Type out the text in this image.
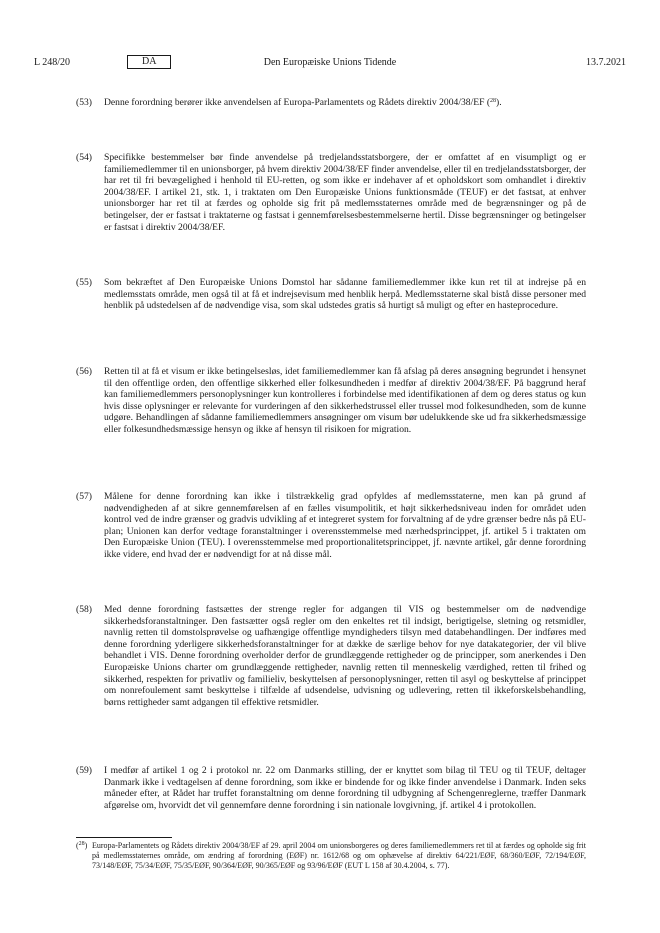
L 248/20	Den Europæiske Unions Tidende
DA	13.7.2021
(53) Denne forordning berører ikke anvendelsen af Europa-Parlamentets og Rådets direktiv 2004/38/EF ($^{28}$).
(54) Specifikke bestemmelser bør finde anvendelse på tredjelandsstatsborgere, der er omfattet af en visumpligt og er familiemedlemmer til en unionsborger, på hvem direktiv 2004/38/EF finder anvendelse, eller til en tredjelandsstatsborger, der har ret til fri bevægelighed i henhold til EU-retten, og som ikke er indehaver af et opholdskort som omhandlet i direktiv 2004/38/EF. I artikel 21, stk. 1, i traktaten om Den Europæiske Unions funktionsmåde (TEUF) er det fastsat, at enhver unionsborger har ret til at færdes og opholde sig frit på medlemsstaternes område med de begrænsninger og på de betingelser, der er fastsat i traktaterne og fastsat i gennemførelsesbestemmelserne hertil. Disse begrænsninger og betingelser er fastsat i direktiv 2004/38/EF.
(55) Som bekræftet af Den Europæiske Unions Domstol har sådanne familiemedlemmer ikke kun ret til at indrejse på en medlemsstats område, men også til at få et indrejsevisum med henblik herpå. Medlemsstaterne skal bistå disse personer med henblik på udstedelsen af de nødvendige visa, som skal udstedes gratis så hurtigt så muligt og efter en hasteprocedure.
(56) Retten til at få et visum er ikke betingelsesløs, idet familiemedlemmer kan få afslag på deres ansøgning begrundet i hensynet til den offentlige orden, den offentlige sikkerhed eller folkesundheden i medfør af direktiv 2004/38/EF. På baggrund heraf kan familiemedlemmers personoplysninger kun kontrolleres i forbindelse med identifikationen af dem og deres status og kun hvis disse oplysninger er relevante for vurderingen af den sikkerhedstrussel eller trussel mod folkesundheden, som de kunne udgøre. Behandlingen af sådanne familiemedlemmers ansøgninger om visum bør udelukkende ske ud fra sikkerhedsmæssige eller folkesundhedsmæssige hensyn og ikke af hensyn til risikoen for migration.
(57) Målene for denne forordning kan ikke i tilstrækkelig grad opfyldes af medlemsstaterne, men kan på grund af nødvendigheden af at sikre gennemførelsen af en fælles visumpolitik, et højt sikkerhedsniveau inden for området uden kontrol ved de indre grænser og gradvis udvikling af et integreret system for forvaltning af de ydre grænser bedre nås på EU-plan; Unionen kan derfor vedtage foranstaltninger i overensstemmelse med nærhedsprincippet, jf. artikel 5 i traktaten om Den Europæiske Union (TEU). I overensstemmelse med proportionalitetsprincippet, jf. nævnte artikel, går denne forordning ikke videre, end hvad der er nødvendigt for at nå disse mål.
(58) Med denne forordning fastsættes der strenge regler for adgangen til VIS og bestemmelser om de nødvendige sikkerhedsforanstaltninger. Den fastsætter også regler om den enkeltes ret til indsigt, berigtigelse, sletning og retsmidler, navnlig retten til domstolsprøvelse og uafhængige offentlige myndigheders tilsyn med databehandlingen. Der indføres med denne forordning yderligere sikkerhedsforanstaltninger for at dække de særlige behov for nye datakategorier, der vil blive behandlet i VIS. Denne forordning overholder derfor de grundlæggende rettigheder og de principper, som anerkendes i Den Europæiske Unions charter om grundlæggende rettigheder, navnlig retten til menneskelig værdighed, retten til frihed og sikkerhed, respekten for privatliv og familieliv, beskyttelsen af personoplysninger, retten til asyl og beskyttelse af princippet om nonrefoulement samt beskyttelse i tilfælde af udsendelse, udvisning og udlevering, retten til ikkeforskelsbehandling, børns rettigheder samt adgangen til effektive retsmidler.
(59) I medfør af artikel 1 og 2 i protokol nr. 22 om Danmarks stilling, der er knyttet som bilag til TEU og til TEUF, deltager Danmark ikke i vedtagelsen af denne forordning, som ikke er bindende for og ikke finder anvendelse i Danmark. Inden seks måneder efter, at Rådet har truffet foranstaltning om denne forordning til udbygning af Schengenreglerne, træffer Danmark afgørelse om, hvorvidt det vil gennemføre denne forordning i sin nationale lovgivning, jf. artikel 4 i protokollen.
($^{28}$) Europa-Parlamentets og Rådets direktiv 2004/38/EF af 29. april 2004 om unionsborgeres og deres familiemedlemmers ret til at færdes og opholde sig frit på medlemsstaternes område, om ændring af forordning (EØF) nr. 1612/68 og om ophævelse af direktiv 64/221/EØF, 68/360/EØF, 72/194/EØF, 73/148/EØF, 75/34/EØF, 75/35/EØF, 90/364/EØF, 90/365/EØF og 93/96/EØF (EUT L 158 af 30.4.2004, s. 77).
